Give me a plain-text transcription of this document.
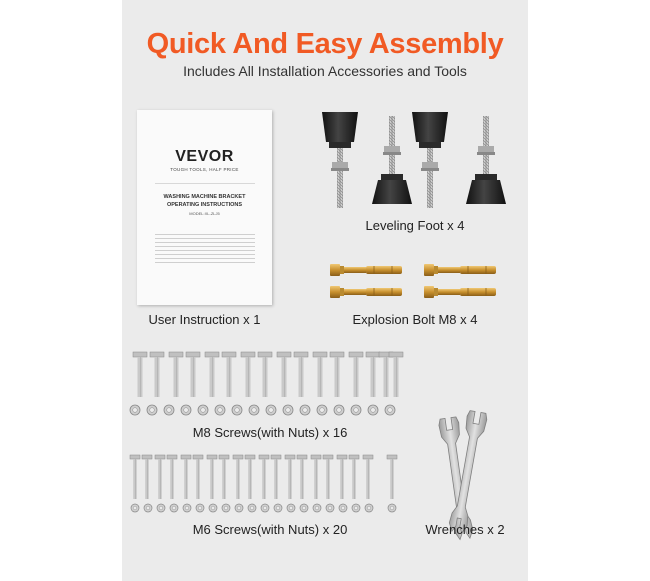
Quick And Easy Assembly
Includes All Installation Accessories and Tools
VEVOR
TOUGH TOOLS, HALF PRICE
WASHING MACHINE BRACKET
OPERATING INSTRUCTIONS
MODEL:XL-ZLJ5
User Instruction x 1
Leveling Foot x 4
Explosion Bolt M8 x 4
M8 Screws(with Nuts) x 16
M6 Screws(with Nuts) x 20	Wrenches x 2
